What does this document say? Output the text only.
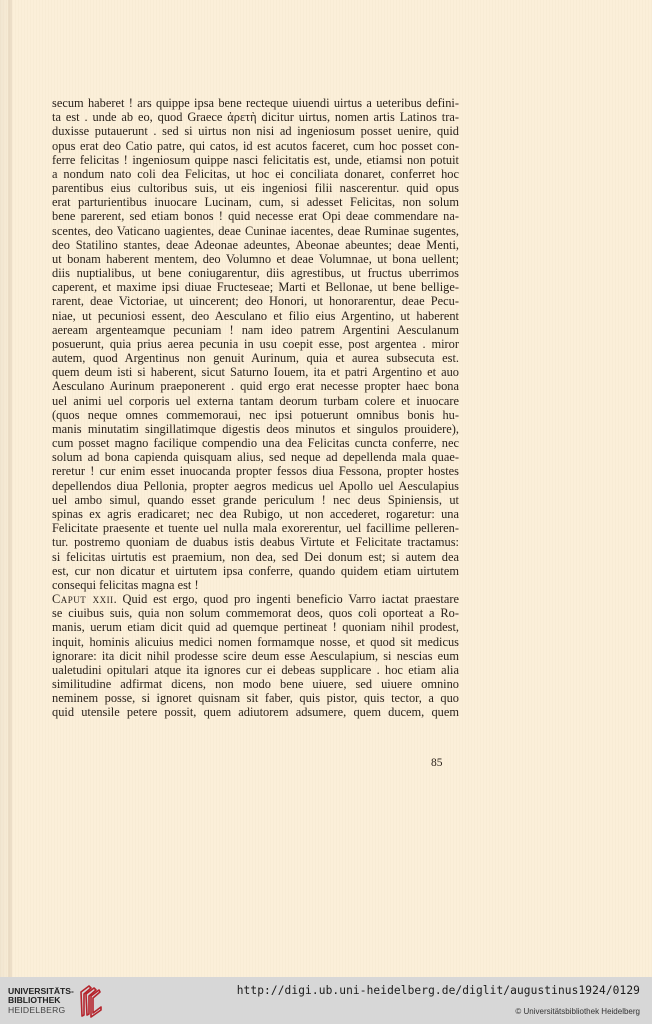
secum haberet ! ars quippe ipsa bene recteque uiuendi uirtus a ueteribus defini-
ta est . unde ab eo, quod Graece ἀρετὴ dicitur uirtus, nomen artis Latinos tra-
duxisse putauerunt . sed si uirtus non nisi ad ingeniosum posset uenire, quid
opus erat deo Catio patre, qui catos, id est acutos faceret, cum hoc posset con-
ferre felicitas ! ingeniosum quippe nasci felicitatis est, unde, etiamsi non potuit
a nondum nato coli dea Felicitas, ut hoc ei conciliata donaret, conferret hoc
parentibus eius cultoribus suis, ut eis ingeniosi filii nascerentur. quid opus
erat parturientibus inuocare Lucinam, cum, si adesset Felicitas, non solum
bene parerent, sed etiam bonos ! quid necesse erat Opi deae commendare na-
scentes, deo Vaticano uagientes, deae Cuninae iacentes, deae Ruminae sugentes,
deo Statilino stantes, deae Adeonae adeuntes, Abeonae abeuntes; deae Menti,
ut bonam haberent mentem, deo Volumno et deae Volumnae, ut bona uellent;
diis nuptialibus, ut bene coniugarentur, diis agrestibus, ut fructus uberrimos
caperent, et maxime ipsi diuae Fructeseae; Marti et Bellonae, ut bene bellige-
rarent, deae Victoriae, ut uincerent; deo Honori, ut honorarentur, deae Pecu-
niae, ut pecuniosi essent, deo Aesculano et filio eius Argentino, ut haberent
aeream argenteamque pecuniam ! nam ideo patrem Argentini Aesculanum
posuerunt, quia prius aerea pecunia in usu coepit esse, post argentea . miror
autem, quod Argentinus non genuit Aurinum, quia et aurea subsecuta est.
quem deum isti si haberent, sicut Saturno Iouem, ita et patri Argentino et auo
Aesculano Aurinum praeponerent . quid ergo erat necesse propter haec bona
uel animi uel corporis uel externa tantam deorum turbam colere et inuocare
(quos neque omnes commemoraui, nec ipsi potuerunt omnibus bonis hu-
manis minutatim singillatimque digestis deos minutos et singulos prouidere),
cum posset magno facilique compendio una dea Felicitas cuncta conferre, nec
solum ad bona capienda quisquam alius, sed neque ad depellenda mala quae-
reretur ! cur enim esset inuocanda propter fessos diua Fessona, propter hostes
depellendos diua Pellonia, propter aegros medicus uel Apollo uel Aesculapius
uel ambo simul, quando esset grande periculum ! nec deus Spiniensis, ut
spinas ex agris eradicaret; nec dea Rubigo, ut non accederet, rogaretur: una
Felicitate praesente et tuente uel nulla mala exorerentur, uel facillime pelleren-
tur. postremo quoniam de duabus istis deabus Virtute et Felicitate tractamus:
si felicitas uirtutis est praemium, non dea, sed Dei donum est; si autem dea
est, cur non dicatur et uirtutem ipsa conferre, quando quidem etiam uirtutem
consequi felicitas magna est !
Caput xxii. Quid est ergo, quod pro ingenti beneficio Varro iactat praestare
se ciuibus suis, quia non solum commemorat deos, quos coli oporteat a Ro-
manis, uerum etiam dicit quid ad quemque pertineat ! quoniam nihil prodest,
inquit, hominis alicuius medici nomen formamque nosse, et quod sit medicus
ignorare: ita dicit nihil prodesse scire deum esse Aesculapium, si nescias eum
ualetudini opitulari atque ita ignores cur ei debeas supplicare . hoc etiam alia
similitudine adfirmat dicens, non modo bene uiuere, sed uiuere omnino
neminem posse, si ignoret quisnam sit faber, quis pistor, quis tector, a quo
quid utensile petere possit, quem adiutorem adsumere, quem ducem, quem
85
UNIVERSITÄTS-
BIBLIOTHEK
HEIDELBERG
http://digi.ub.uni-heidelberg.de/diglit/augustinus1924/0129
© Universitätsbibliothek Heidelberg
